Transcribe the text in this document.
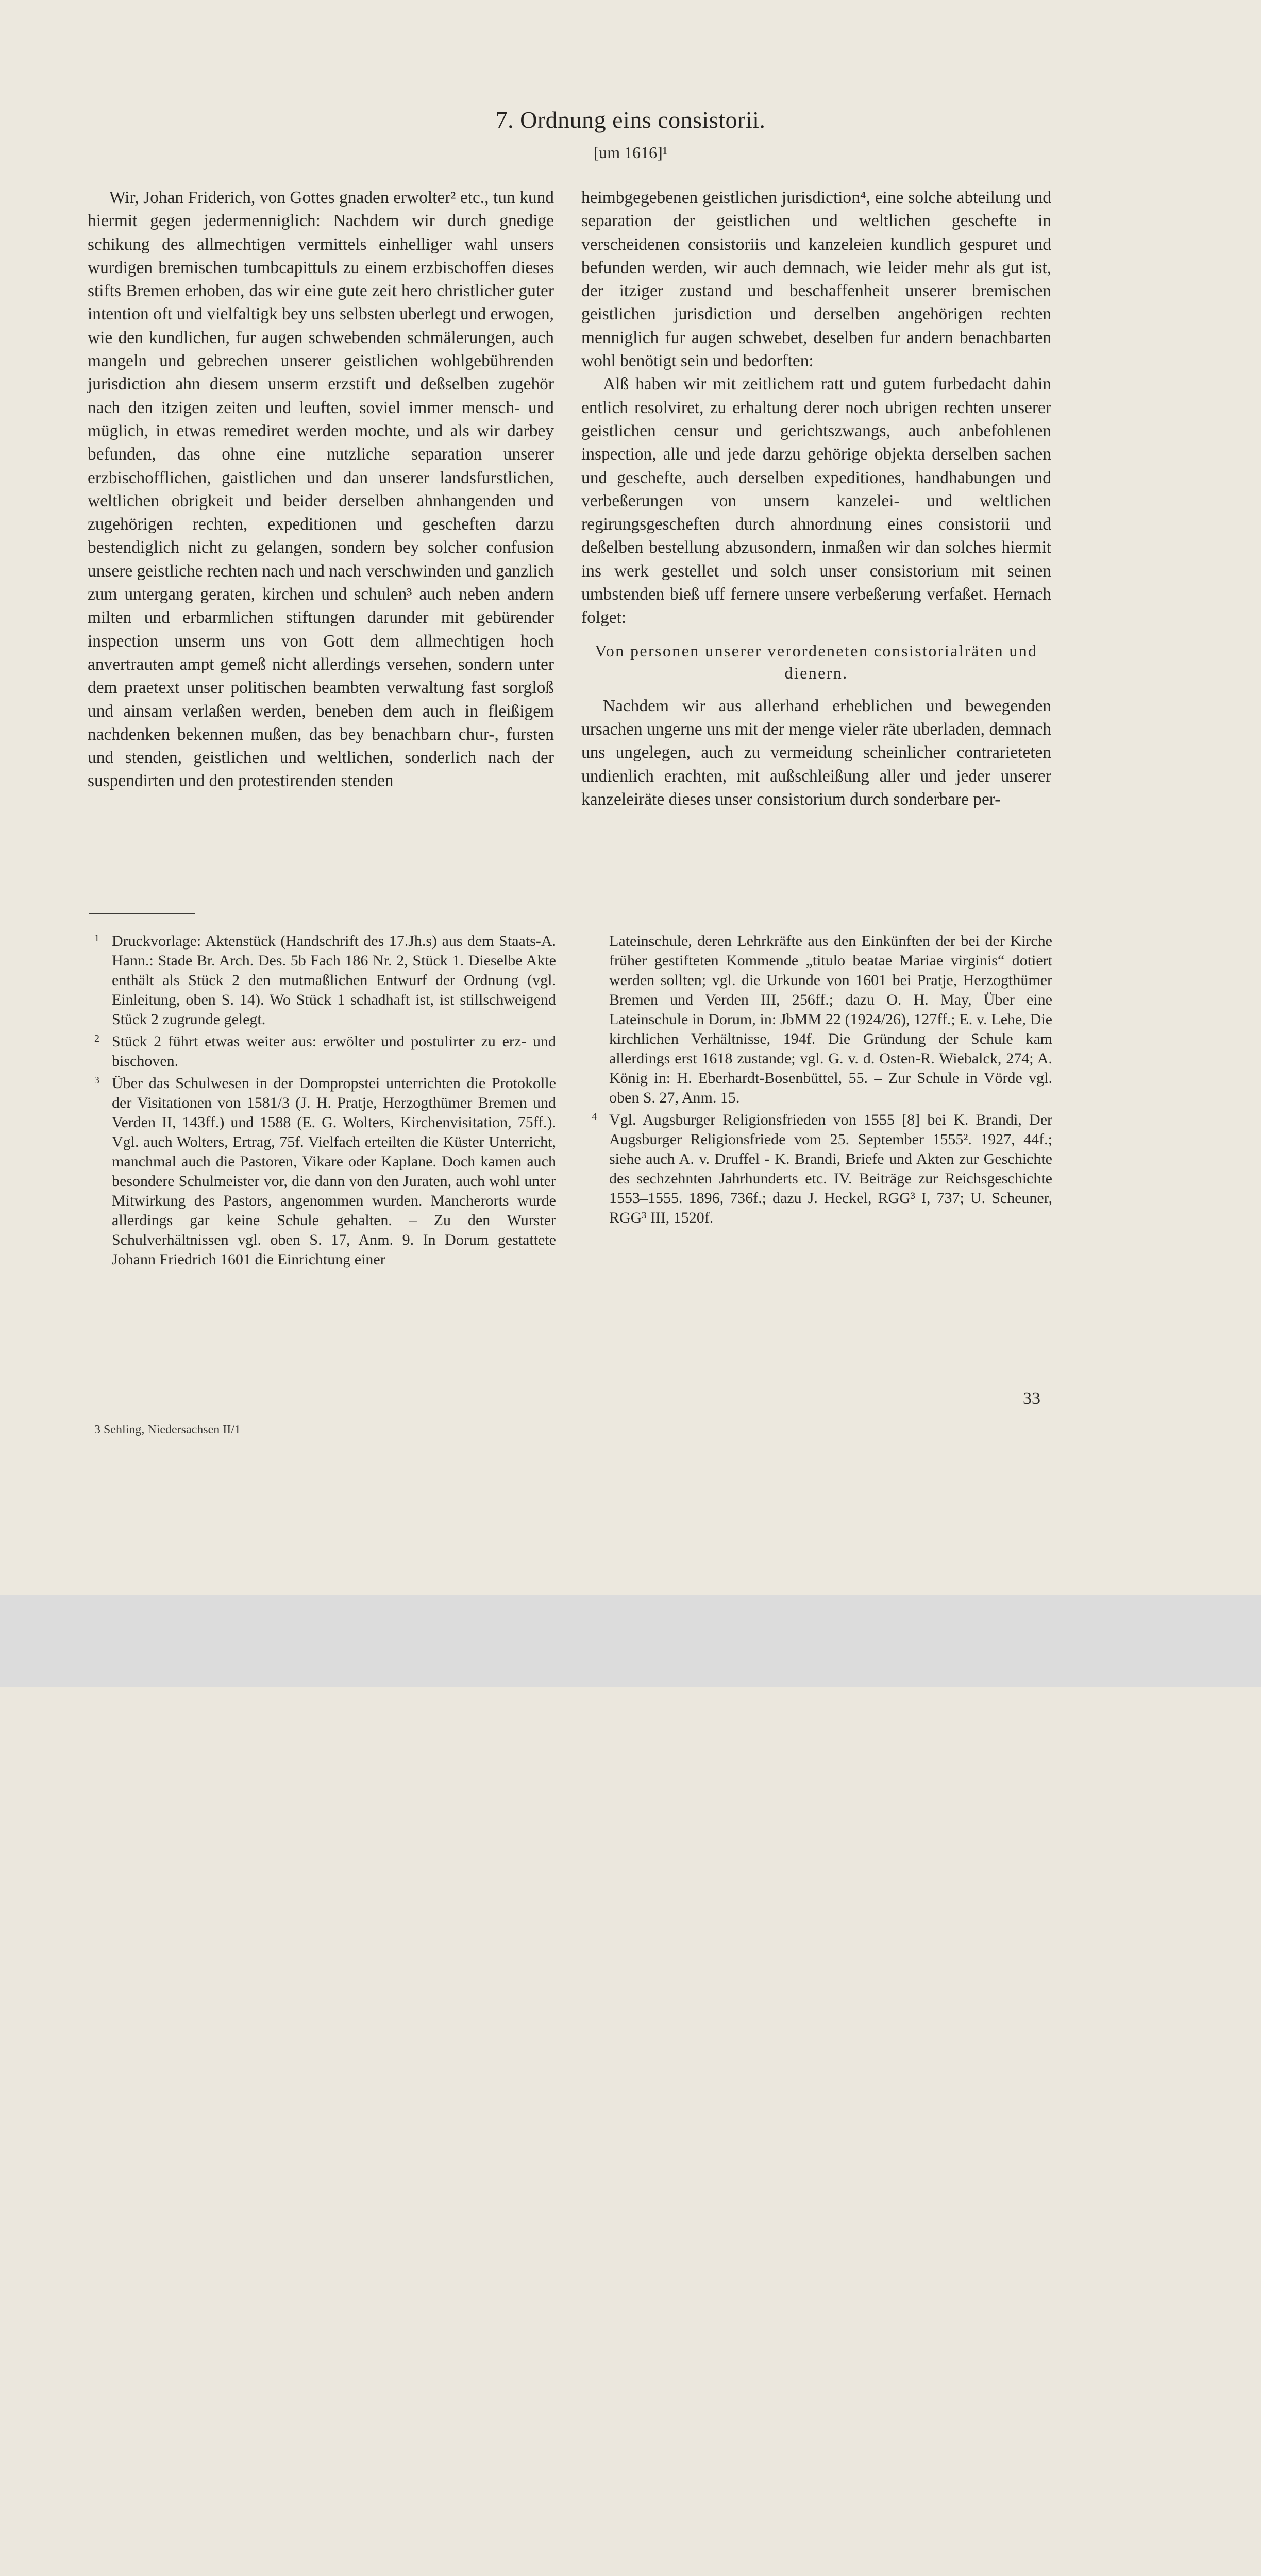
7. Ordnung eins consistorii.
[um 1616]¹

Wir, Johan Friderich, von Gottes gnaden erwolter² etc., tun kund hiermit gegen jedermenniglich: Nachdem wir durch gnedige schikung des allmechtigen vermittels einhelliger wahl unsers wurdigen bremischen tumbcapittuls zu einem erzbischoffen dieses stifts Bremen erhoben, das wir eine gute zeit hero christlicher guter intention oft und vielfaltigk bey uns selbsten uberlegt und erwogen, wie den kundlichen, fur augen schwebenden schmälerungen, auch mangeln und gebrechen unserer geistlichen wohlgebührenden jurisdiction ahn diesem unserm erzstift und deßselben zugehör nach den itzigen zeiten und leuften, soviel immer mensch- und müglich, in etwas remediret werden mochte, und als wir darbey befunden, das ohne eine nutzliche separation unserer erzbischofflichen, gaistlichen und dan unserer landsfurstlichen, weltlichen obrigkeit und beider derselben ahnhangenden und zugehörigen rechten, expeditionen und gescheften darzu bestendiglich nicht zu gelangen, sondern bey solcher confusion unsere geistliche rechten nach und nach verschwinden und ganzlich zum untergang geraten, kirchen und schulen³ auch neben andern milten und erbarmlichen stiftungen darunder mit gebürender inspection unserm uns von Gott dem allmechtigen hoch anvertrauten ampt gemeß nicht allerdings versehen, sondern unter dem praetext unser politischen beambten verwaltung fast sorgloß und ainsam verlaßen werden, beneben dem auch in fleißigem nachdenken bekennen mußen, das bey benachbarn chur-, fursten und stenden, geistlichen und weltlichen, sonderlich nach der suspendirten und den protestirenden stenden

heimbgegebenen geistlichen jurisdiction⁴, eine solche abteilung und separation der geistlichen und weltlichen geschefte in verscheidenen consistoriis und kanzeleien kundlich gespuret und befunden werden, wir auch demnach, wie leider mehr als gut ist, der itziger zustand und beschaffenheit unserer bremischen geistlichen jurisdiction und derselben angehörigen rechten menniglich fur augen schwebet, deselben fur andern benachbarten wohl benötigt sein und bedorften:

Alß haben wir mit zeitlichem ratt und gutem furbedacht dahin entlich resolviret, zu erhaltung derer noch ubrigen rechten unserer geistlichen censur und gerichtszwangs, auch anbefohlenen inspection, alle und jede darzu gehörige objekta derselben sachen und gescheftе, auch derselben expeditiones, handhabungen und verbeßerungen von unsern kanzelei- und weltlichen regirungsgescheften durch ahnordnung eines consistorii und deßelben bestellung abzusondern, inmaßen wir dan solches hiermit ins werk gestellet und solch unser consistorium mit seinen umbstenden bieß uff fernere unsere verbeßerung verfaßet. Hernach folget:

Von personen unserer verordeneten consistorialräten und dienern.

Nachdem wir aus allerhand erheblichen und bewegenden ursachen ungerne uns mit der menge vieler räte uberladen, demnach uns ungelegen, auch zu vermeidung scheinlicher contrarieteten undienlich erachten, mit außschleißung aller und jeder unserer kanzeleiräte dieses unser consistorium durch sonderbare per-

1 Druckvorlage: Aktenstück (Handschrift des 17.Jh.s) aus dem Staats-A. Hann.: Stade Br. Arch. Des. 5b Fach 186 Nr. 2, Stück 1. Dieselbe Akte enthält als Stück 2 den mutmaßlichen Entwurf der Ordnung (vgl. Einleitung, oben S. 14). Wo Stück 1 schadhaft ist, ist stillschweigend Stück 2 zugrunde gelegt.
2 Stück 2 führt etwas weiter aus: erwölter und postulirter zu erz- und bischoven.
3 Über das Schulwesen in der Dompropstei unterrichten die Protokolle der Visitationen von 1581/3 (J. H. Pratje, Herzogthümer Bremen und Verden II, 143ff.) und 1588 (E. G. Wolters, Kirchenvisitation, 75ff.). Vgl. auch Wolters, Ertrag, 75f. Vielfach erteilten die Küster Unterricht, manchmal auch die Pastoren, Vikare oder Kaplane. Doch kamen auch besondere Schulmeister vor, die dann von den Juraten, auch wohl unter Mitwirkung des Pastors, angenommen wurden. Mancherorts wurde allerdings gar keine Schule gehalten. – Zu den Wurster Schulverhältnissen vgl. oben S. 17, Anm. 9. In Dorum gestattete Johann Friedrich 1601 die Einrichtung einer
Lateinschule, deren Lehrkräfte aus den Einkünften der bei der Kirche früher gestifteten Kommende „titulo beatae Mariae virginis“ dotiert werden sollten; vgl. die Urkunde von 1601 bei Pratje, Herzogthümer Bremen und Verden III, 256ff.; dazu O. H. May, Über eine Lateinschule in Dorum, in: JbMM 22 (1924/26), 127ff.; E. v. Lehe, Die kirchlichen Verhältnisse, 194f. Die Gründung der Schule kam allerdings erst 1618 zustande; vgl. G. v. d. Osten-R. Wiebalck, 274; A. König in: H. Eberhardt-Bosenbüttel, 55. – Zur Schule in Vörde vgl. oben S. 27, Anm. 15.
4 Vgl. Augsburger Religionsfrieden von 1555 [8] bei K. Brandi, Der Augsburger Religionsfriede vom 25. September 1555². 1927, 44f.; siehe auch A. v. Druffel - K. Brandi, Briefe und Akten zur Geschichte des sechzehnten Jahrhunderts etc. IV. Beiträge zur Reichsgeschichte 1553–1555. 1896, 736f.; dazu J. Heckel, RGG³ I, 737; U. Scheuner, RGG³ III, 1520f.
33
3 Sehling, Niedersachsen II/1
